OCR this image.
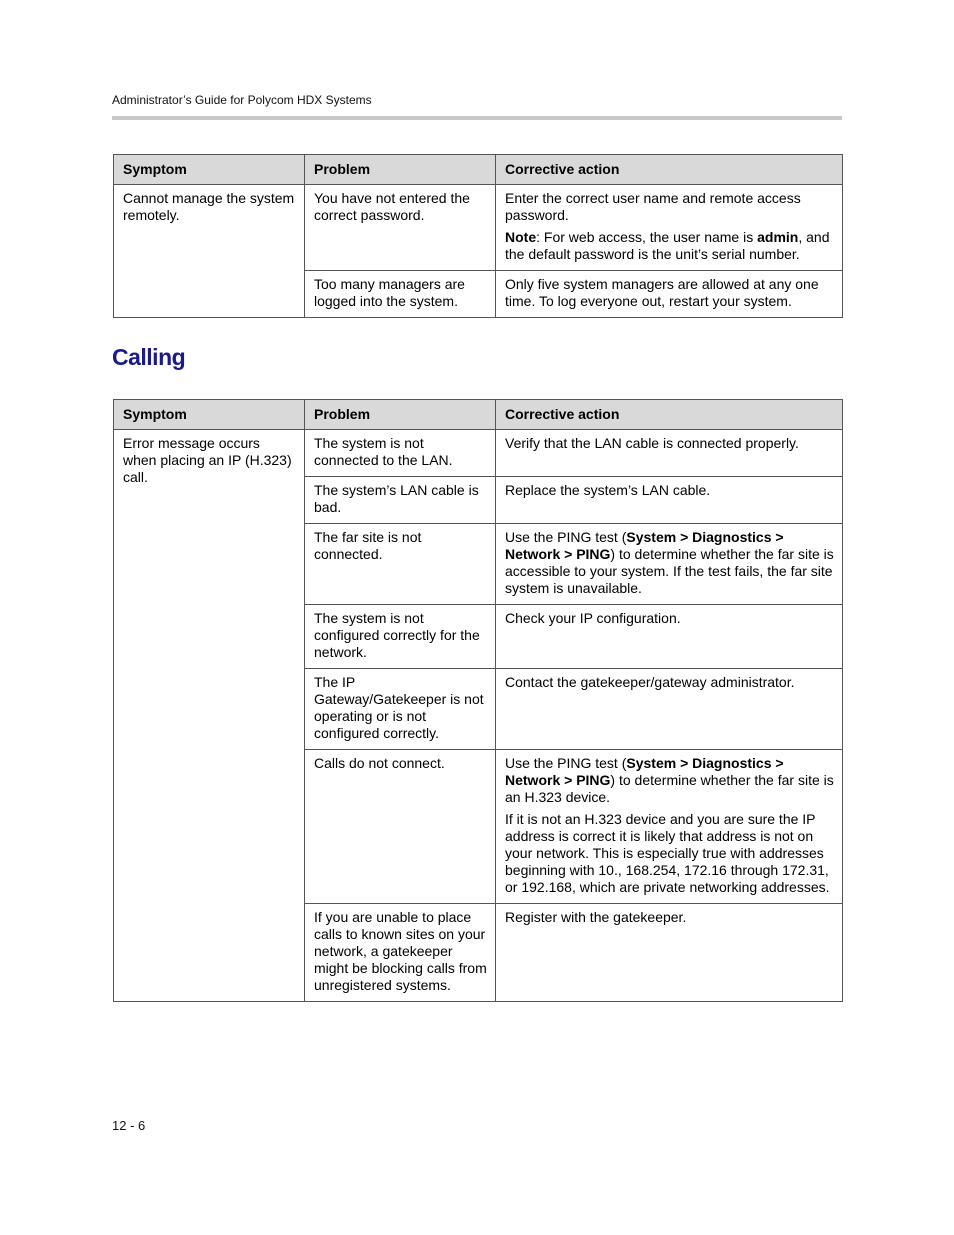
Administrator’s Guide for Polycom HDX Systems
Symptom	Problem	Corrective action
Cannot manage the system remotely.	You have not entered the correct password.	Enter the correct user name and remote access password.

Note: For web access, the user name is admin, and the default password is the unit’s serial number.

	Too many managers are logged into the system.	Only five system managers are allowed at any one time. To log everyone out, restart your system.
Calling
Symptom	Problem	Corrective action
Error message occurs when placing an IP (H.323) call.	The system is not connected to the LAN.	Verify that the LAN cable is connected properly.
	The system’s LAN cable is bad.	Replace the system’s LAN cable.
	The far site is not connected.	Use the PING test (System > Diagnostics > Network > PING) to determine whether the far site is accessible to your system. If the test fails, the far site system is unavailable.
	The system is not configured correctly for the network.	Check your IP configuration.
	The IP Gateway/Gatekeeper is not operating or is not configured correctly.	Contact the gatekeeper/gateway administrator.
	Calls do not connect.	Use the PING test (System > Diagnostics > Network > PING) to determine whether the far site is an H.323 device.

If it is not an H.323 device and you are sure the IP address is correct it is likely that address is not on your network. This is especially true with addresses beginning with 10., 168.254, 172.16 through 172.31, or 192.168, which are private networking addresses.

	If you are unable to place calls to known sites on your network, a gatekeeper might be blocking calls from unregistered systems.	Register with the gatekeeper.
12 - 6
